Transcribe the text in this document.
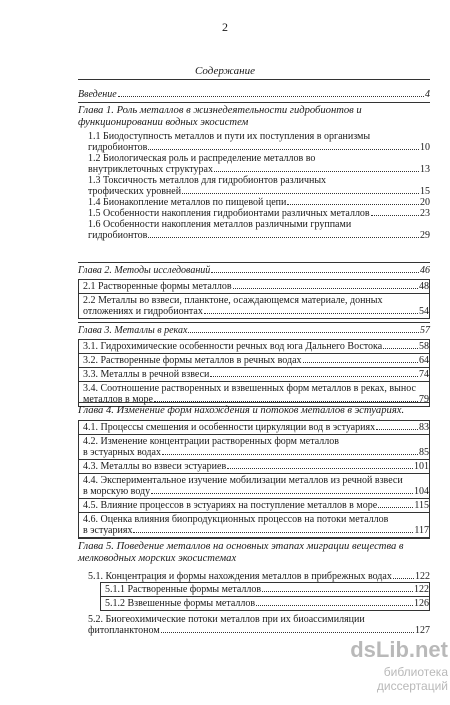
2
Содержание
Введение	4
Глава 1. Роль металлов в жизнедеятельности гидробионтов и
функционировании водных экосистем
1.1 Биодоступность металлов и пути их поступления в организмы
гидробионтов	10
1.2 Биологическая роль и распределение металлов во
внутриклеточных структурах	13
1.3 Токсичность металлов для гидробионтов различных
трофических уровней	15
1.4 Бионакопление металлов по пищевой цепи	20
1.5 Особенности накопления гидробионтами различных металлов	23
1.6 Особенности накопления металлов различными группами
гидробионтов	29
Глава 2. Методы исследований	46
2.1 Растворенные формы металлов	48
2.2 Металлы во взвеси, планктоне, осаждающемся материале, донных
отложениях и гидробионтах	54
Глава 3. Металлы в реках	57
3.1. Гидрохимические особенности речных вод юга Дальнего Востока	58
3.2. Растворенные формы металлов в речных водах	64
3.3. Металлы в речной взвеси	74
3.4. Соотношение растворенных и взвешенных форм металлов в реках, вынос
металлов в море	79
Глава 4. Изменение форм нахождения и потоков металлов в эстуариях.
4.1. Процессы смешения и особенности циркуляции вод в эстуариях	83
4.2. Изменение концентрации растворенных форм металлов
в эстуарных водах	85
4.3. Металлы во взвеси эстуариев	101
4.4. Экспериментальное изучение мобилизации металлов из речной взвеси
в морскую воду	104
4.5. Влияние процессов в эстуариях на поступление металлов в море	115
4.6. Оценка влияния биопродукционных процессов на потоки металлов
в эстуариях	117
Глава 5. Поведение металлов на основных этапах миграции вещества в
мелководных морских экосистемах
5.1. Концентрация и формы нахождения металлов в прибрежных водах 122
5.1.1 Растворенные формы металлов	122
5.1.2 Взвешенные формы металлов	126
5.2. Биогеохимические потоки металлов при их биоассимиляции
фитопланктоном	127
dsLib.net
библиотека диссертаций
